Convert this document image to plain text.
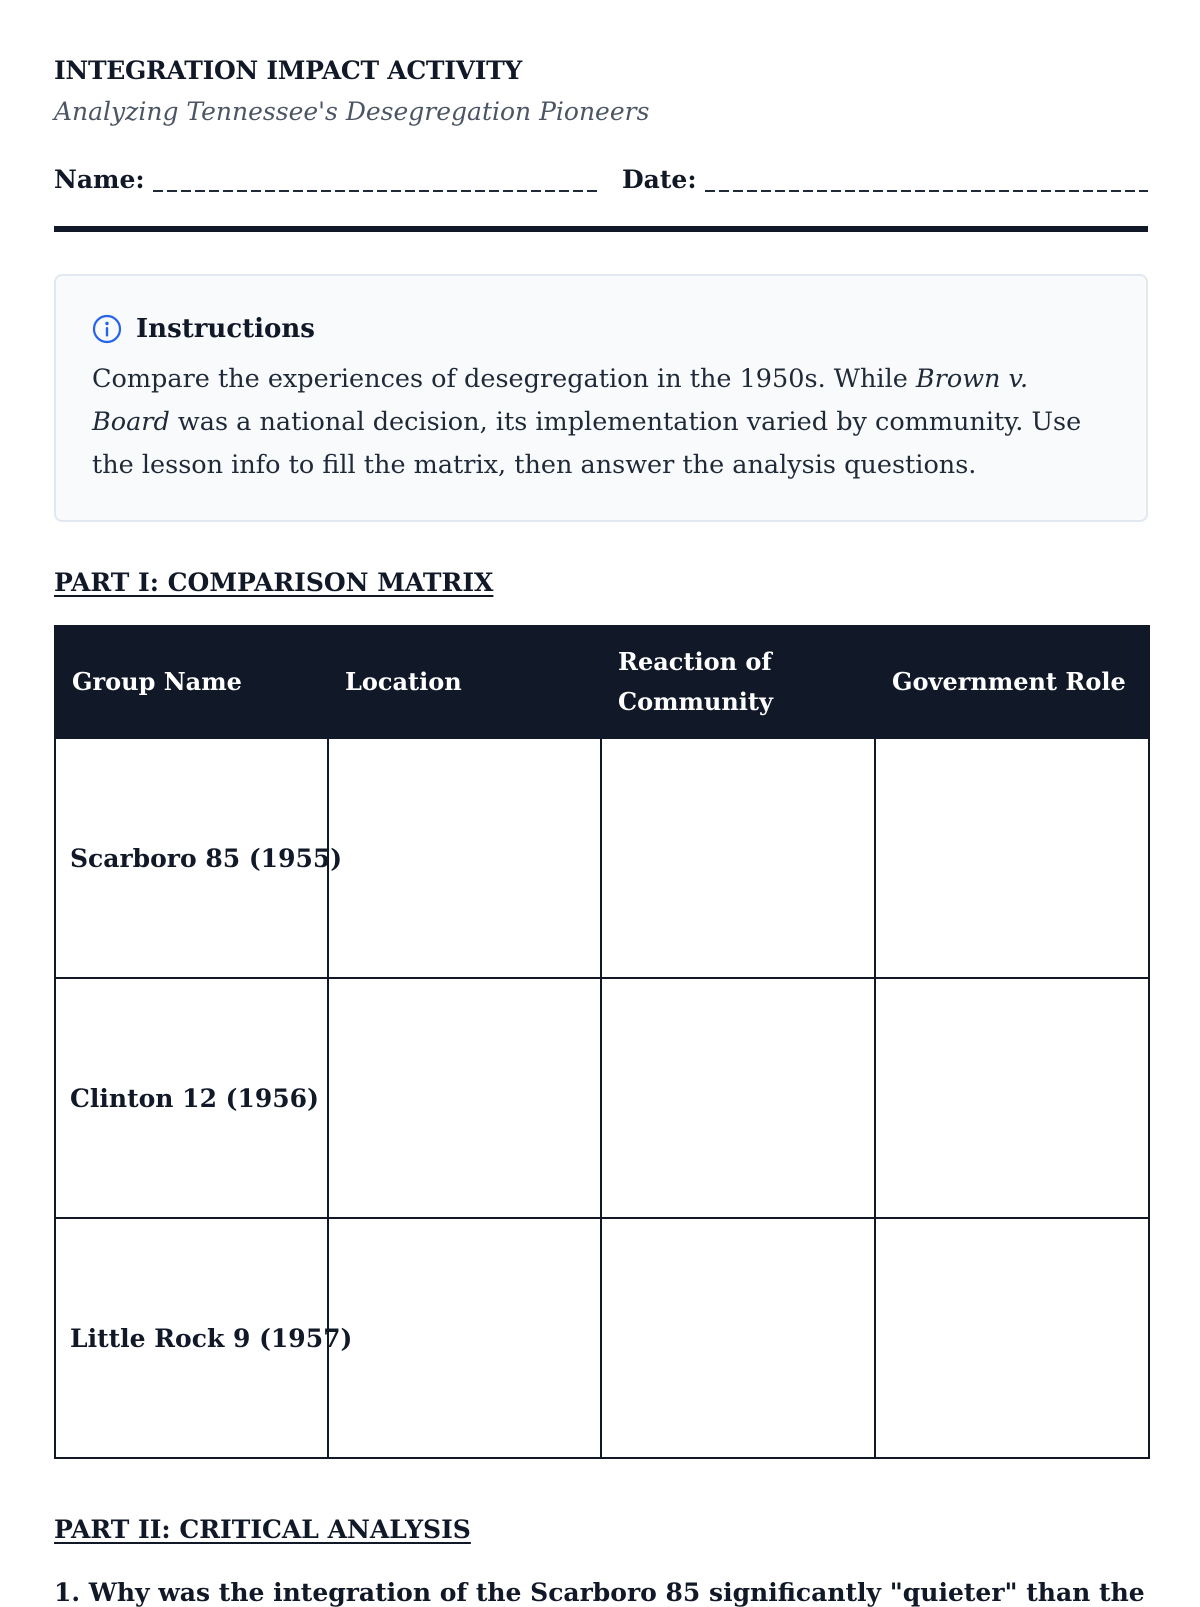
INTEGRATION IMPACT ACTIVITY
Analyzing Tennessee's Desegregation Pioneers
Name:	Date:
Instructions
Compare the experiences of desegregation in the 1950s. While Brown v. Board was a national decision, its implementation varied by community. Use the lesson info to fill the matrix, then answer the analysis questions.
PART I: COMPARISON MATRIX
Group Name	Location	Reaction of Community	Government Role
Scarboro 85 (1955)			
Clinton 12 (1956)			
Little Rock 9 (1957)			
PART II: CRITICAL ANALYSIS
1. Why was the integration of the Scarboro 85 significantly "quieter" than the
